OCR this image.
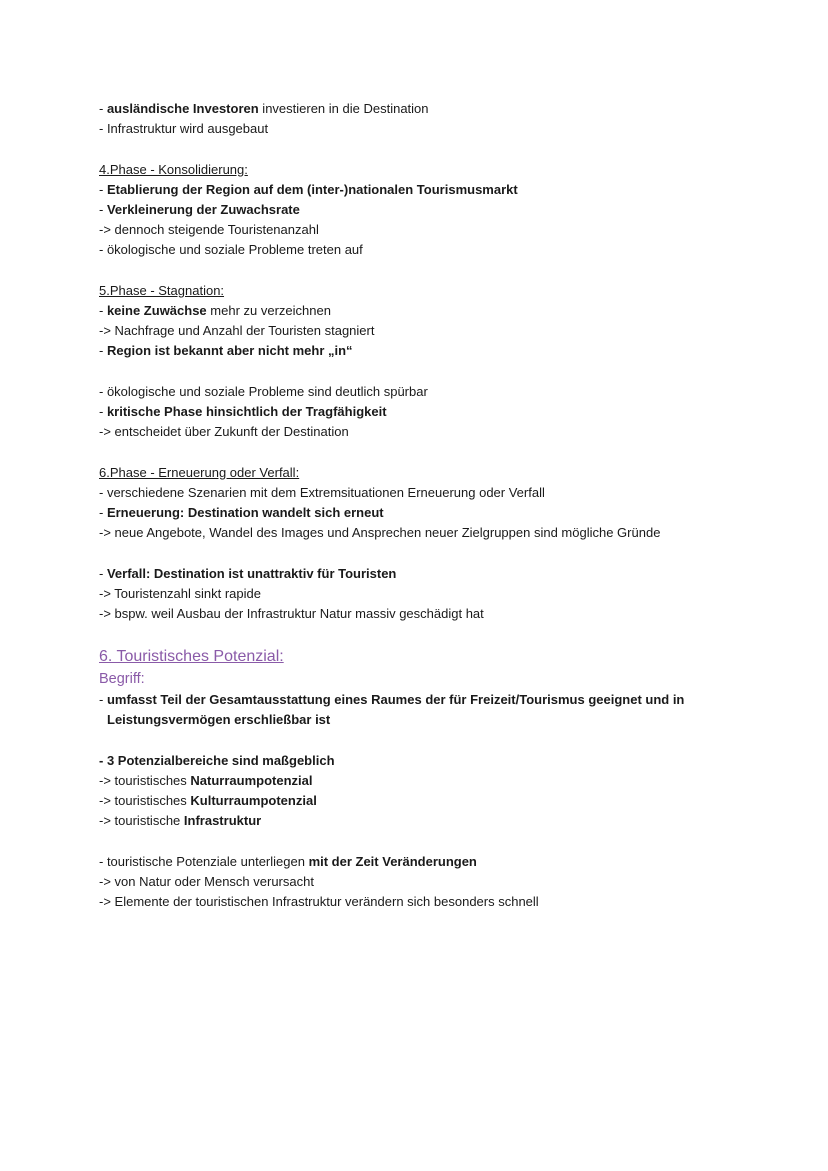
- ausländische Investoren investieren in die Destination
- Infrastruktur wird ausgebaut
4.Phase - Konsolidierung:
- Etablierung der Region auf dem (inter-)nationalen Tourismusmarkt
- Verkleinerung der Zuwachsrate
-> dennoch steigende Touristenanzahl
- ökologische und soziale Probleme treten auf
5.Phase - Stagnation:
- keine Zuwächse mehr zu verzeichnen
-> Nachfrage und Anzahl der Touristen stagniert
- Region ist bekannt aber nicht mehr „in“
- ökologische und soziale Probleme sind deutlich spürbar
- kritische Phase hinsichtlich der Tragfähigkeit
-> entscheidet über Zukunft der Destination
6.Phase - Erneuerung oder Verfall:
- verschiedene Szenarien mit dem Extremsituationen Erneuerung oder Verfall
- Erneuerung: Destination wandelt sich erneut
-> neue Angebote, Wandel des Images und Ansprechen neuer Zielgruppen sind mögliche Gründe
- Verfall: Destination ist unattraktiv für Touristen
-> Touristenzahl sinkt rapide
-> bspw. weil Ausbau der Infrastruktur Natur massiv geschädigt hat
6. Touristisches Potenzial:
Begriff:
- umfasst Teil der Gesamtausstattung eines Raumes der für Freizeit/Tourismus geeignet und in
Leistungsvermögen erschließbar ist
- 3 Potenzialbereiche sind maßgeblich
-> touristisches Naturraumpotenzial
-> touristisches Kulturraumpotenzial
-> touristische Infrastruktur
- touristische Potenziale unterliegen mit der Zeit Veränderungen
-> von Natur oder Mensch verursacht
-> Elemente der touristischen Infrastruktur verändern sich besonders schnell
